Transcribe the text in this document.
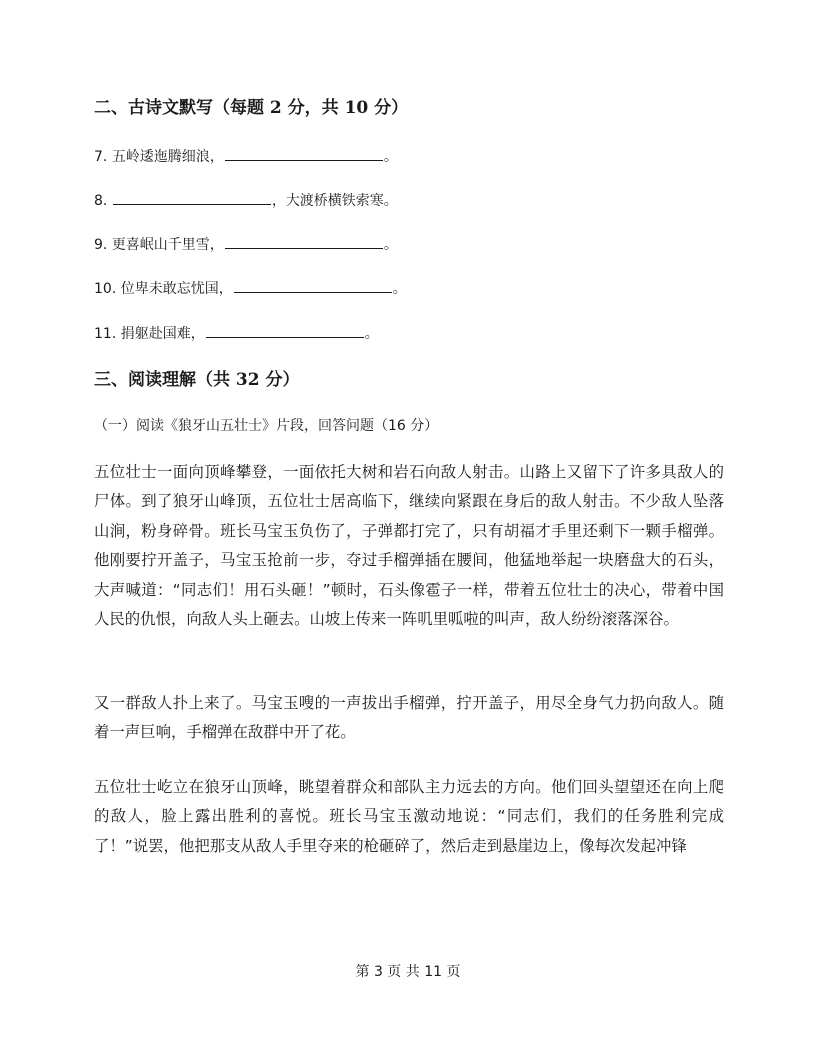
二、古诗文默写（每题 2 分，共 10 分）
7. 五岭逶迤腾细浪，	。
8.	，大渡桥横铁索寒。
9. 更喜岷山千里雪，	。
10. 位卑未敢忘忧国，	。
11. 捐躯赴国难，	。
三、阅读理解（共 32 分）
（一）阅读《狼牙山五壮士》片段，回答问题（16 分）
五位壮士一面向顶峰攀登，一面依托大树和岩石向敌人射击。山路上又留下了许多具敌人的尸体。到了狼牙山峰顶，五位壮士居高临下，继续向紧跟在身后的敌人射击。不少敌人坠落山涧，粉身碎骨。班长马宝玉负伤了，子弹都打完了，只有胡福才手里还剩下一颗手榴弹。他刚要拧开盖子，马宝玉抢前一步，夺过手榴弹插在腰间，他猛地举起一块磨盘大的石头，大声喊道：“同志们！用石头砸！”顿时，石头像雹子一样，带着五位壮士的决心，带着中国人民的仇恨，向敌人头上砸去。山坡上传来一阵叽里呱啦的叫声，敌人纷纷滚落深谷。
又一群敌人扑上来了。马宝玉嗖的一声拔出手榴弹，拧开盖子，用尽全身气力扔向敌人。随着一声巨响，手榴弹在敌群中开了花。
五位壮士屹立在狼牙山顶峰，眺望着群众和部队主力远去的方向。他们回头望望还在向上爬的敌人，脸上露出胜利的喜悦。班长马宝玉激动地说：“同志们，我们的任务胜利完成了！”说罢，他把那支从敌人手里夺来的枪砸碎了，然后走到悬崖边上，像每次发起冲锋
第 3 页 共 11 页
